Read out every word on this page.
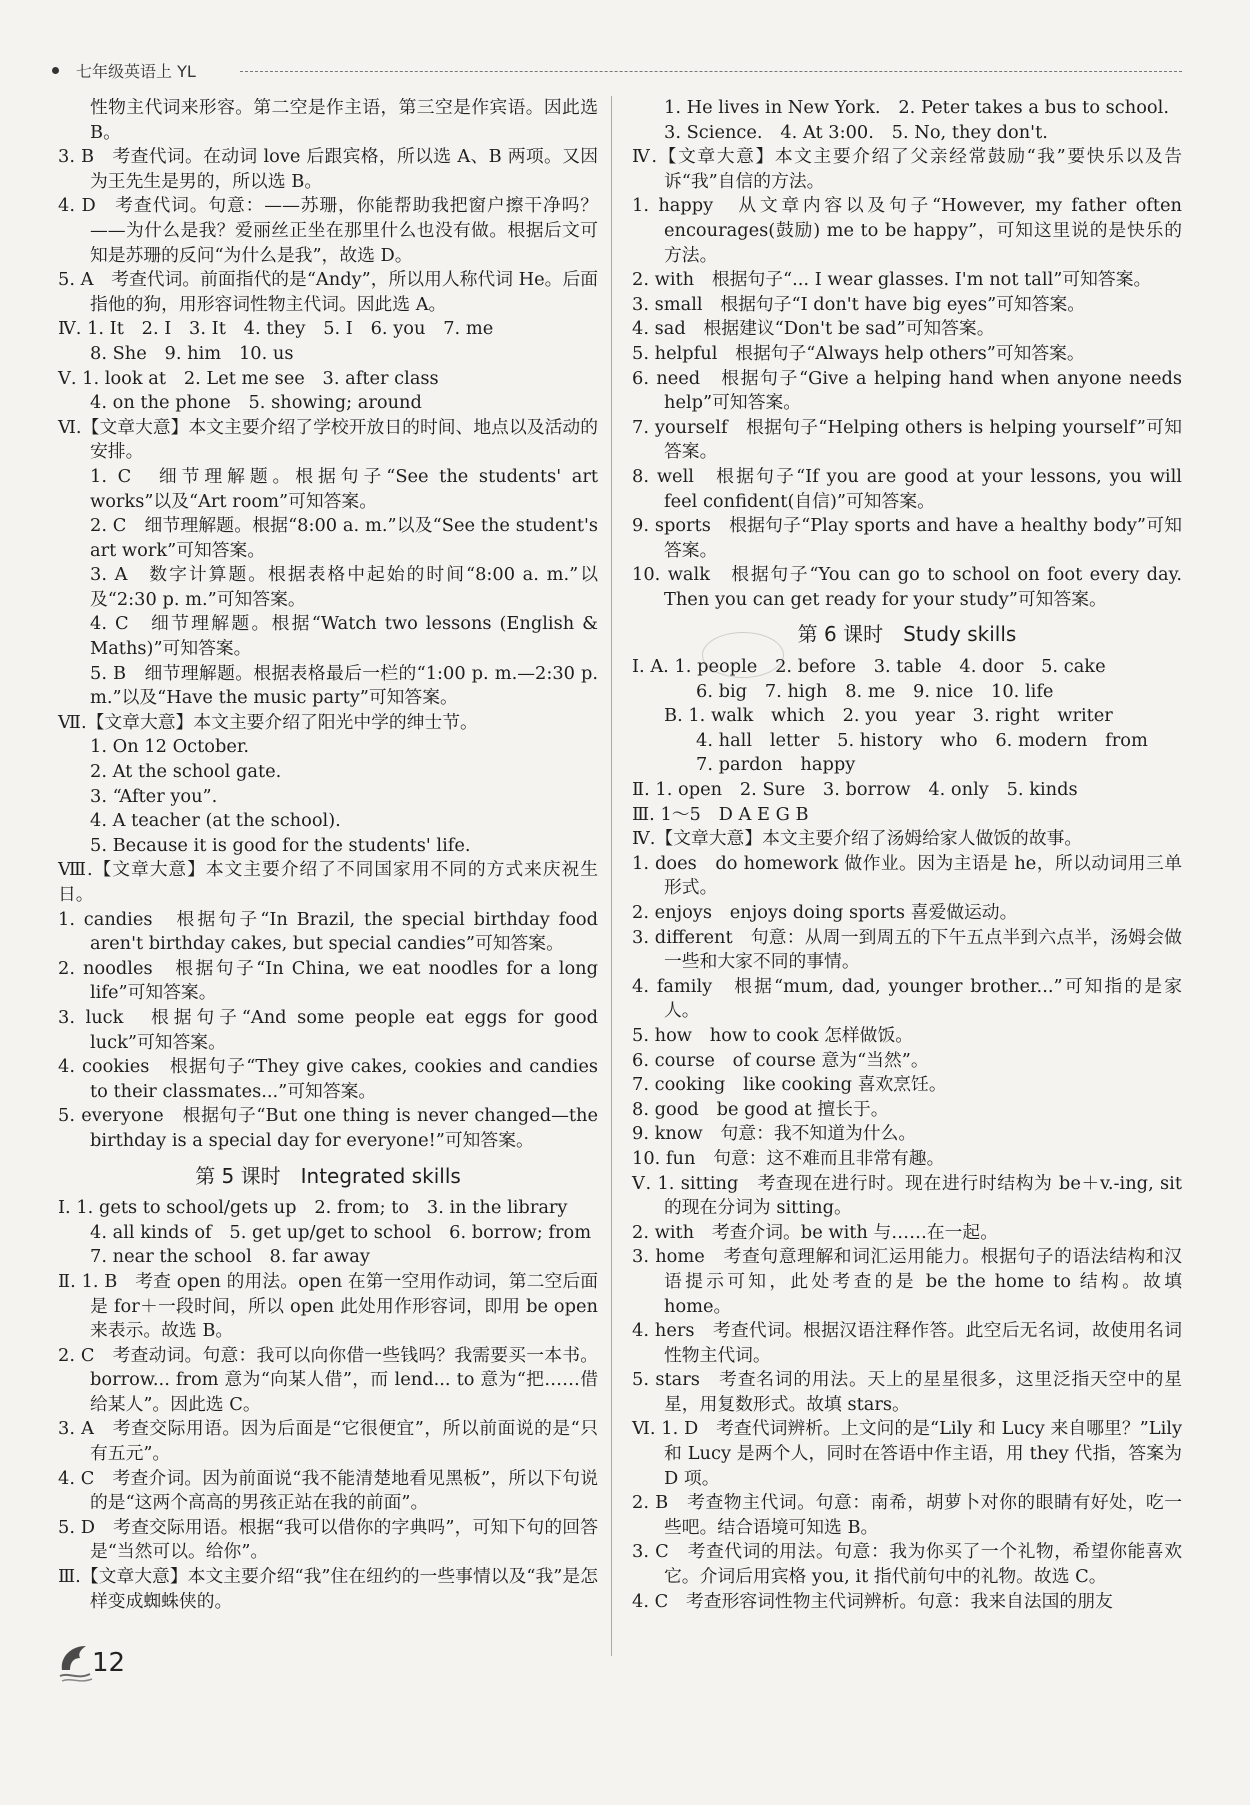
七年级英语上 YL

性物主代词来形容。第二空是作主语，第三空是作宾语。因此选 B。

3. B　考查代词。在动词 love 后跟宾格，所以选 A、B 两项。又因为王先生是男的，所以选 B。

4. D　考查代词。句意：——苏珊，你能帮助我把窗户擦干净吗？——为什么是我？爱丽丝正坐在那里什么也没有做。根据后文可知是苏珊的反问“为什么是我”，故选 D。

5. A　考查代词。前面指代的是“Andy”，所以用人称代词 He。后面指他的狗，用形容词性物主代词。因此选 A。

Ⅳ. 1. It　2. I　3. It　4. they　5. I　6. you　7. me

8. She　9. him　10. us

Ⅴ. 1. look at　2. Let me see　3. after class

4. on the phone　5. showing; around

Ⅵ.【文章大意】本文主要介绍了学校开放日的时间、地点以及活动的安排。

1. C　细节理解题。根据句子“See the students' art works”以及“Art room”可知答案。

2. C　细节理解题。根据“8:00 a. m.”以及“See the student's art work”可知答案。

3. A　数字计算题。根据表格中起始的时间“8:00 a. m.”以及“2:30 p. m.”可知答案。

4. C　细节理解题。根据“Watch two lessons (English & Maths)”可知答案。

5. B　细节理解题。根据表格最后一栏的“1:00 p. m.—2:30 p. m.”以及“Have the music party”可知答案。

Ⅶ.【文章大意】本文主要介绍了阳光中学的绅士节。

1. On 12 October.

2. At the school gate.

3. “After you”.

4. A teacher (at the school).

5. Because it is good for the students' life.

Ⅷ.【文章大意】本文主要介绍了不同国家用不同的方式来庆祝生日。

1. candies　根据句子“In Brazil, the special birthday food aren't birthday cakes, but special candies”可知答案。

2. noodles　根据句子“In China, we eat noodles for a long life”可知答案。

3. luck　根据句子“And some people eat eggs for good luck”可知答案。

4. cookies　根据句子“They give cakes, cookies and candies to their classmates...”可知答案。

5. everyone　根据句子“But one thing is never changed—the birthday is a special day for everyone!”可知答案。

第 5 课时　Integrated skills

Ⅰ. 1. gets to school/gets up　2. from; to　3. in the library

4. all kinds of　5. get up/get to school　6. borrow; from

7. near the school　8. far away

Ⅱ. 1. B　考查 open 的用法。open 在第一空用作动词，第二空后面是 for＋一段时间，所以 open 此处用作形容词，即用 be open 来表示。故选 B。

2. C　考查动词。句意：我可以向你借一些钱吗？我需要买一本书。borrow... from 意为“向某人借”，而 lend... to 意为“把……借给某人”。因此选 C。

3. A　考查交际用语。因为后面是“它很便宜”，所以前面说的是“只有五元”。

4. C　考查介词。因为前面说“我不能清楚地看见黑板”，所以下句说的是“这两个高高的男孩正站在我的前面”。

5. D　考查交际用语。根据“我可以借你的字典吗”，可知下句的回答是“当然可以。给你”。

Ⅲ.【文章大意】本文主要介绍“我”住在纽约的一些事情以及“我”是怎样变成蜘蛛侠的。

1. He lives in New York.　2. Peter takes a bus to school.

3. Science.　4. At 3:00.　5. No, they don't.

Ⅳ.【文章大意】本文主要介绍了父亲经常鼓励“我”要快乐以及告诉“我”自信的方法。

1. happy　从文章内容以及句子“However, my father often encourages(鼓励) me to be happy”，可知这里说的是快乐的方法。

2. with　根据句子“... I wear glasses. I'm not tall”可知答案。

3. small　根据句子“I don't have big eyes”可知答案。

4. sad　根据建议“Don't be sad”可知答案。

5. helpful　根据句子“Always help others”可知答案。

6. need　根据句子“Give a helping hand when anyone needs help”可知答案。

7. yourself　根据句子“Helping others is helping yourself”可知答案。

8. well　根据句子“If you are good at your lessons, you will feel confident(自信)”可知答案。

9. sports　根据句子“Play sports and have a healthy body”可知答案。

10. walk　根据句子“You can go to school on foot every day. Then you can get ready for your study”可知答案。

第 6 课时　Study skills

Ⅰ. A. 1. people　2. before　3. table　4. door　5. cake

6. big　7. high　8. me　9. nice　10. life

B. 1. walk　which　2. you　year　3. right　writer

4. hall　letter　5. history　who　6. modern　from

7. pardon　happy

Ⅱ. 1. open　2. Sure　3. borrow　4. only　5. kinds

Ⅲ. 1～5　D A E G B

Ⅳ.【文章大意】本文主要介绍了汤姆给家人做饭的故事。

1. does　do homework 做作业。因为主语是 he，所以动词用三单形式。

2. enjoys　enjoys doing sports 喜爱做运动。

3. different　句意：从周一到周五的下午五点半到六点半，汤姆会做一些和大家不同的事情。

4. family　根据“mum, dad, younger brother...”可知指的是家人。

5. how　how to cook 怎样做饭。

6. course　of course 意为“当然”。

7. cooking　like cooking 喜欢烹饪。

8. good　be good at 擅长于。

9. know　句意：我不知道为什么。

10. fun　句意：这不难而且非常有趣。

Ⅴ. 1. sitting　考查现在进行时。现在进行时结构为 be＋v.-ing, sit 的现在分词为 sitting。

2. with　考查介词。be with 与……在一起。

3. home　考查句意理解和词汇运用能力。根据句子的语法结构和汉语提示可知，此处考查的是 be the home to 结构。故填 home。

4. hers　考查代词。根据汉语注释作答。此空后无名词，故使用名词性物主代词。

5. stars　考查名词的用法。天上的星星很多，这里泛指天空中的星星，用复数形式。故填 stars。

Ⅵ. 1. D　考查代词辨析。上文问的是“Lily 和 Lucy 来自哪里？”Lily 和 Lucy 是两个人，同时在答语中作主语，用 they 代指，答案为 D 项。

2. B　考查物主代词。句意：南希，胡萝卜对你的眼睛有好处，吃一些吧。结合语境可知选 B。

3. C　考查代词的用法。句意：我为你买了一个礼物，希望你能喜欢它。介词后用宾格 you, it 指代前句中的礼物。故选 C。

4. C　考查形容词性物主代词辨析。句意：我来自法国的朋友

12
